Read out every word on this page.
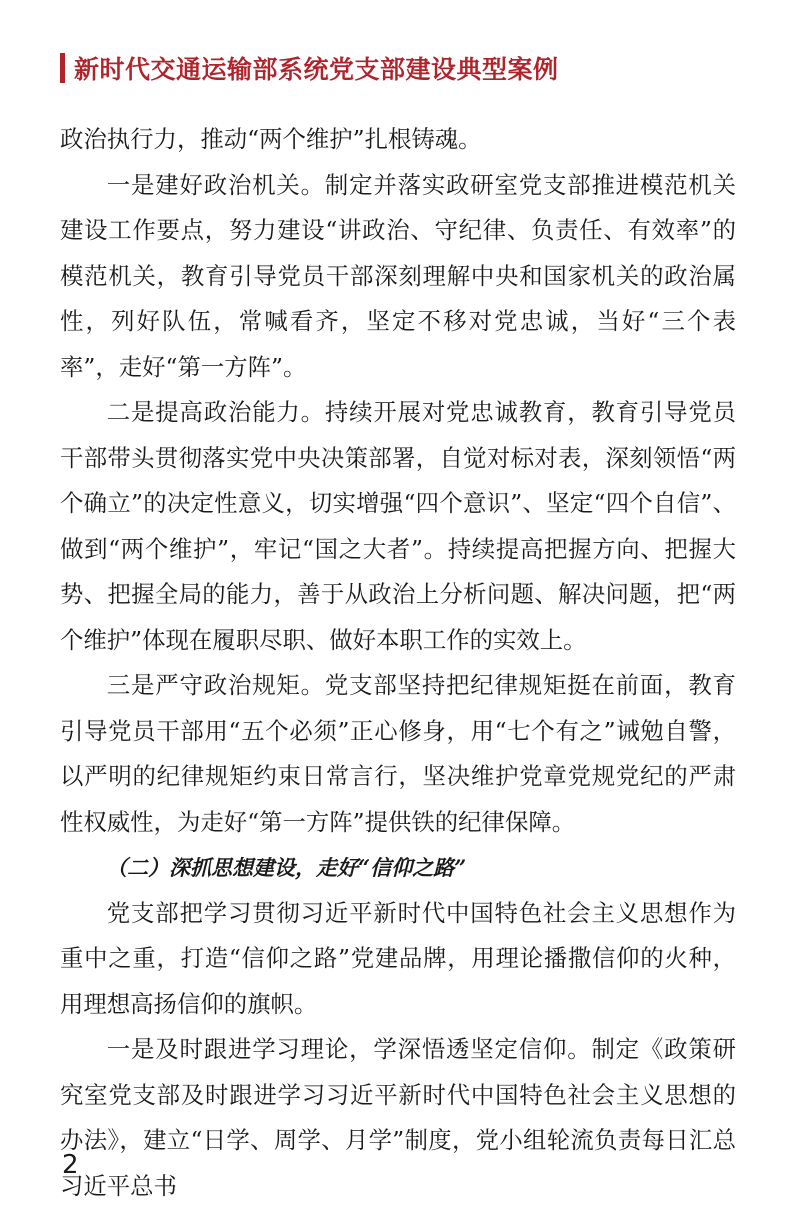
新时代交通运输部系统党支部建设典型案例

政治执行力，推动“两个维护”扎根铸魂。

一是建好政治机关。制定并落实政研室党支部推进模范机关建设工作要点，努力建设“讲政治、守纪律、负责任、有效率”的模范机关，教育引导党员干部深刻理解中央和国家机关的政治属性，列好队伍，常喊看齐，坚定不移对党忠诚，当好“三个表率”，走好“第一方阵”。

二是提高政治能力。持续开展对党忠诚教育，教育引导党员干部带头贯彻落实党中央决策部署，自觉对标对表，深刻领悟“两个确立”的决定性意义，切实增强“四个意识”、坚定“四个自信”、做到“两个维护”，牢记“国之大者”。持续提高把握方向、把握大势、把握全局的能力，善于从政治上分析问题、解决问题，把“两个维护”体现在履职尽职、做好本职工作的实效上。

三是严守政治规矩。党支部坚持把纪律规矩挺在前面，教育引导党员干部用“五个必须”正心修身，用“七个有之”诫勉自警，以严明的纪律规矩约束日常言行，坚决维护党章党规党纪的严肃性权威性，为走好“第一方阵”提供铁的纪律保障。

（二）深抓思想建设，走好“信仰之路”

党支部把学习贯彻习近平新时代中国特色社会主义思想作为重中之重，打造“信仰之路”党建品牌，用理论播撒信仰的火种，用理想高扬信仰的旗帜。

一是及时跟进学习理论，学深悟透坚定信仰。制定《政策研究室党支部及时跟进学习习近平新时代中国特色社会主义思想的办法》，建立“日学、周学、月学”制度，党小组轮流负责每日汇总习近平总书

2
